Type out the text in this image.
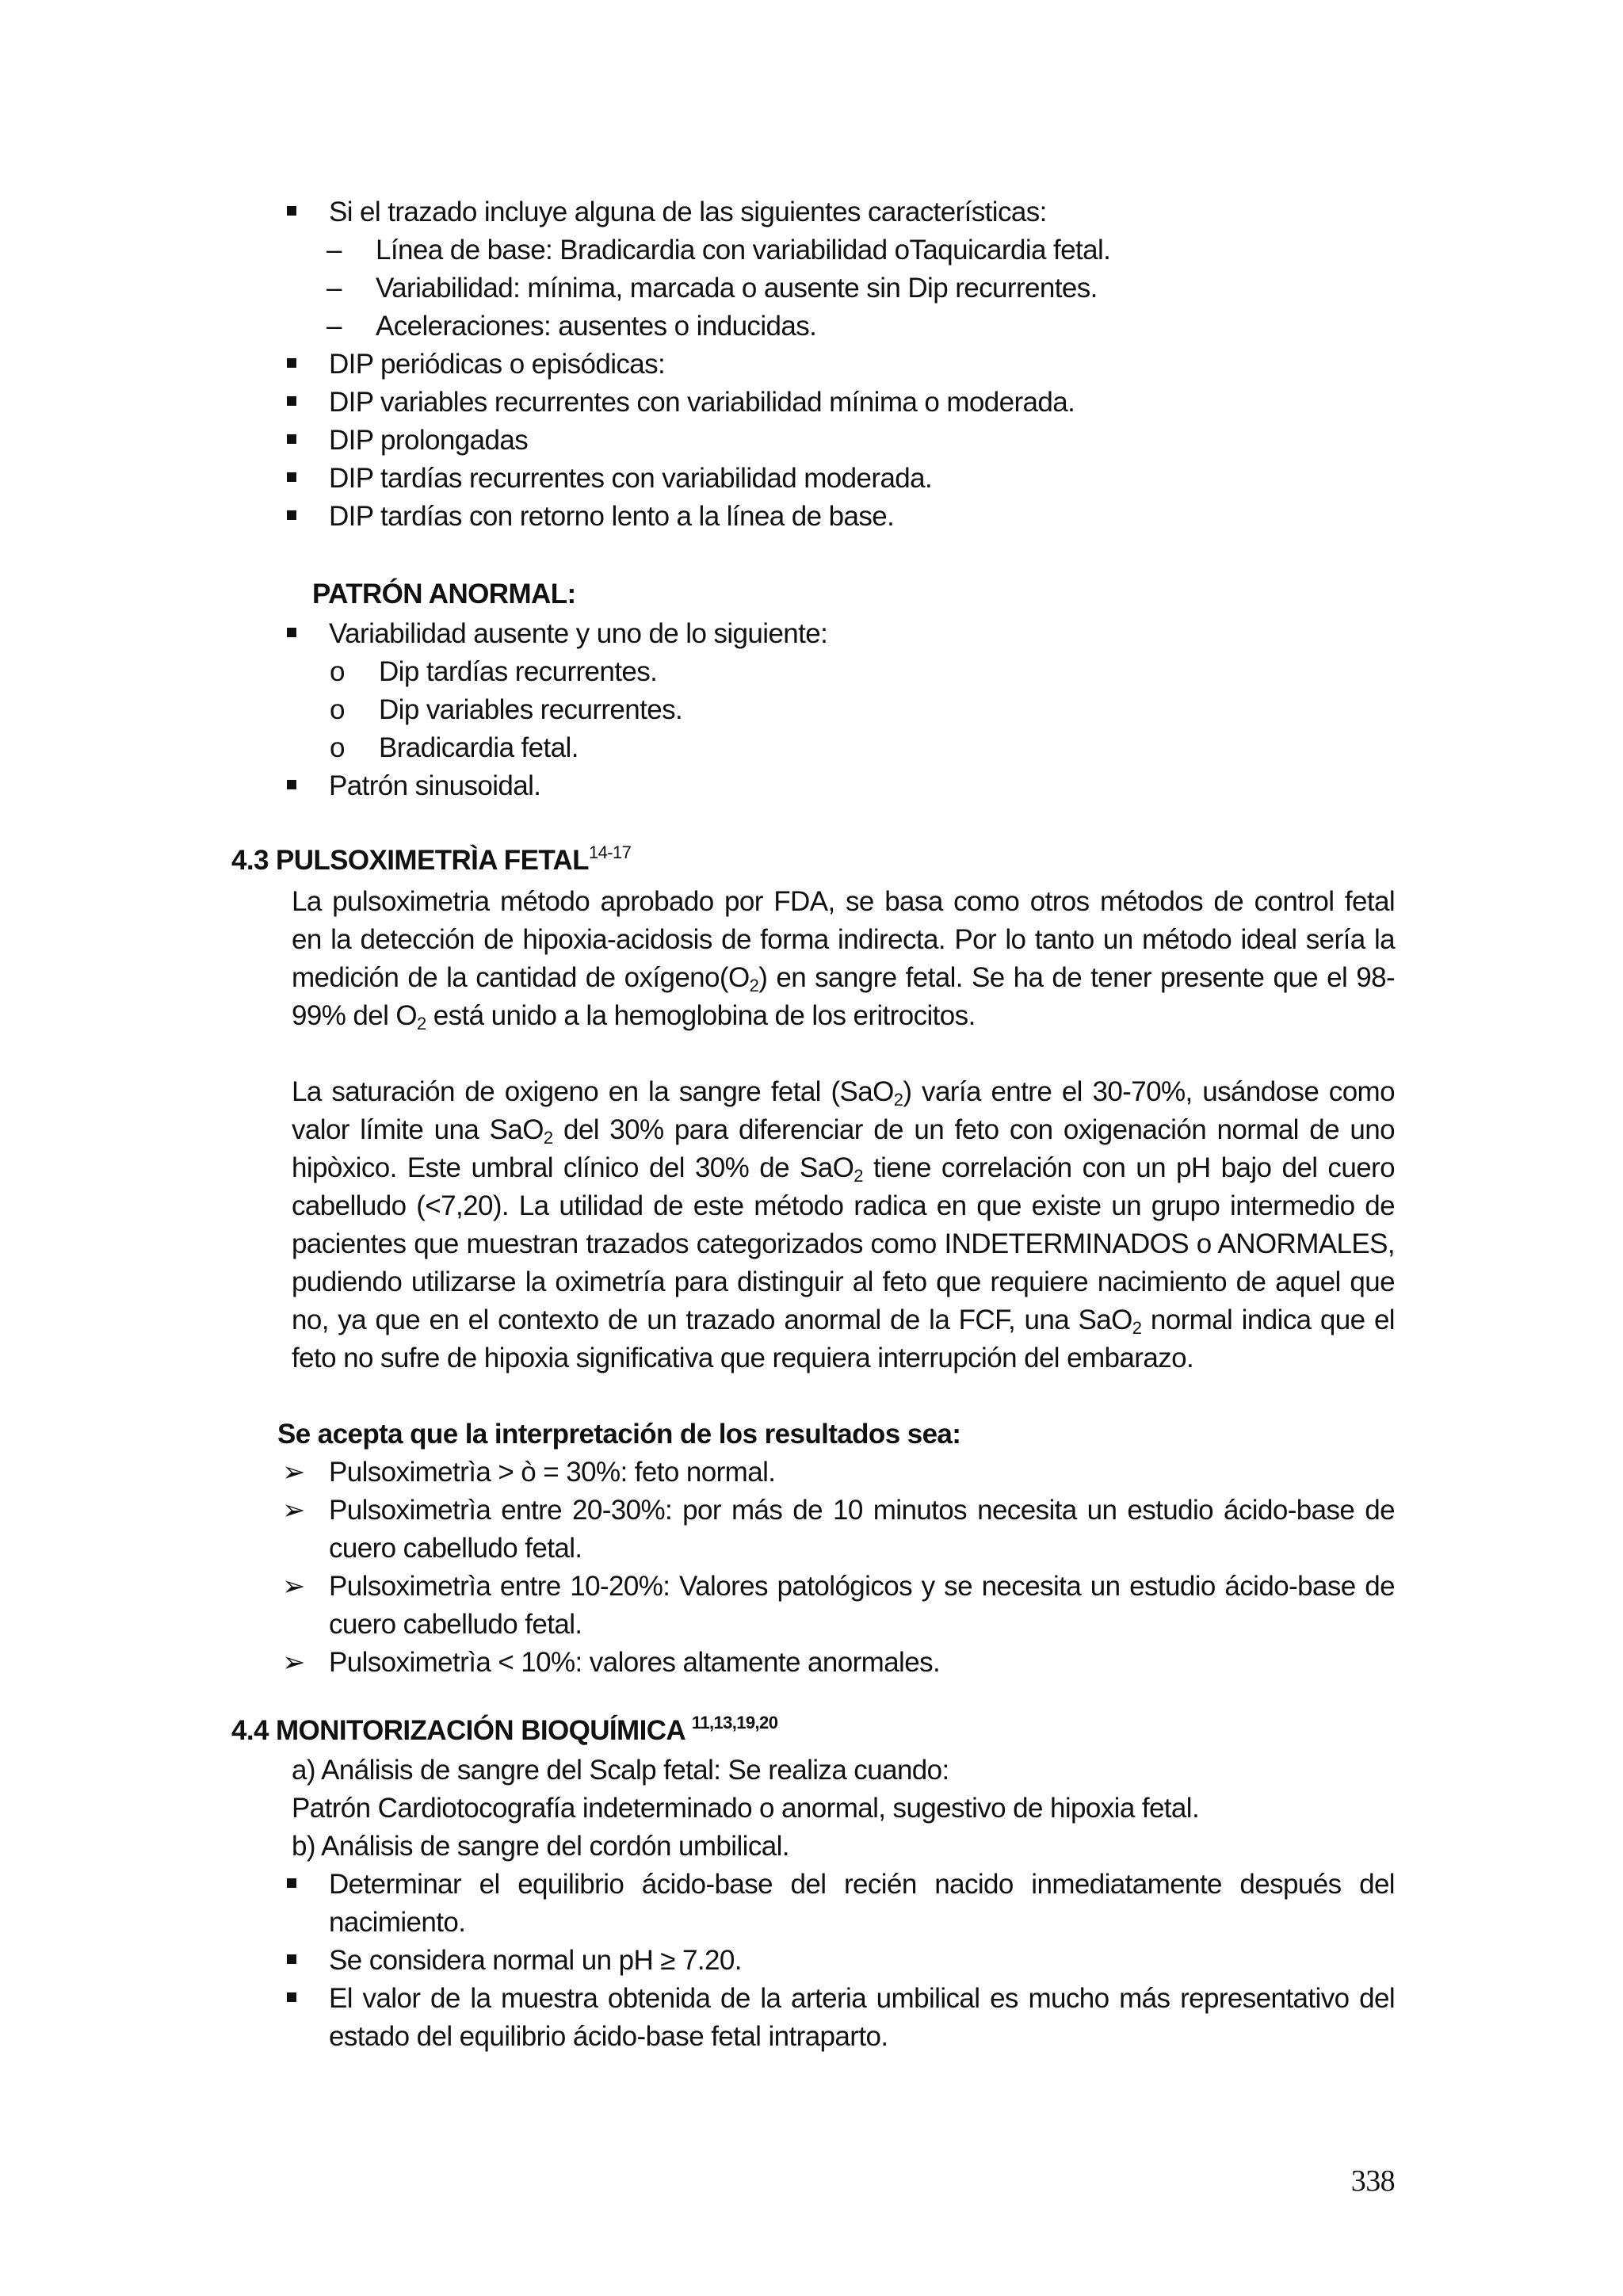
Si el trazado incluye alguna de las siguientes características:
– Línea de base: Bradicardia con variabilidad oTaquicardia fetal.
– Variabilidad: mínima, marcada o ausente sin Dip recurrentes.
– Aceleraciones: ausentes o inducidas.
DIP periódicas o episódicas:
DIP variables recurrentes con variabilidad mínima o moderada.
DIP prolongadas
DIP tardías recurrentes con variabilidad moderada.
DIP tardías con retorno lento a la línea de base.
PATRÓN ANORMAL:
Variabilidad ausente y uno de lo siguiente:
o Dip tardías recurrentes.
o Dip variables recurrentes.
o Bradicardia fetal.
Patrón sinusoidal.
4.3 PULSOXIMETRÌA FETAL$^{14-17}$
La pulsoximetria método aprobado por FDA, se basa como otros métodos de control fetal
en la detección de hipoxia-acidosis de forma indirecta. Por lo tanto un método ideal sería la
medición de la cantidad de $oxígeno(O_2)$ en sangre fetal. Se ha de tener presente que el 98-
99% del $O_2$ está unido a la hemoglobina de los eritrocitos.
La saturación de oxigeno en la sangre fetal (SaO$_2$) varía entre el 30-70%, usándose como
valor límite una SaO$_2$ del 30% para diferenciar de un feto con oxigenación normal de uno
hipòxico. Este umbral clínico del 30% de SaO$_2$ tiene correlación con un pH bajo del cuero
cabelludo (<7,20). La utilidad de este método radica en que existe un grupo intermedio de
pacientes que muestran trazados categorizados como INDETERMINADOS o ANORMALES,
pudiendo utilizarse la oximetría para distinguir al feto que requiere nacimiento de aquel que
no, ya que en el contexto de un trazado anormal de la FCF, una SaO$_2$ normal indica que el
feto no sufre de hipoxia significativa que requiera interrupción del embarazo.
Se acepta que la interpretación de los resultados sea:
➢ Pulsoximetrìa > ò = 30%: feto normal.
➢ Pulsoximetrìa entre 20-30%: por más de 10 minutos necesita un estudio ácido-base de
cuero cabelludo fetal.
➢ Pulsoximetrìa entre 10-20%: Valores patológicos y se necesita un estudio ácido-base de
cuero cabelludo fetal.
➢ Pulsoximetrìa < 10%: valores altamente anormales.
4.4 MONITORIZACIÓN BIOQUÍMICA $^{11,13,19,20}$
a) Análisis de sangre del Scalp fetal: Se realiza cuando:
Patrón Cardiotocografía indeterminado o anormal, sugestivo de hipoxia fetal.
b) Análisis de sangre del cordón umbilical.
Determinar el equilibrio ácido-base del recién nacido inmediatamente después del
nacimiento.
Se considera normal un pH ≥ 7.20.
El valor de la muestra obtenida de la arteria umbilical es mucho más representativo del
estado del equilibrio ácido-base fetal intraparto.
338
